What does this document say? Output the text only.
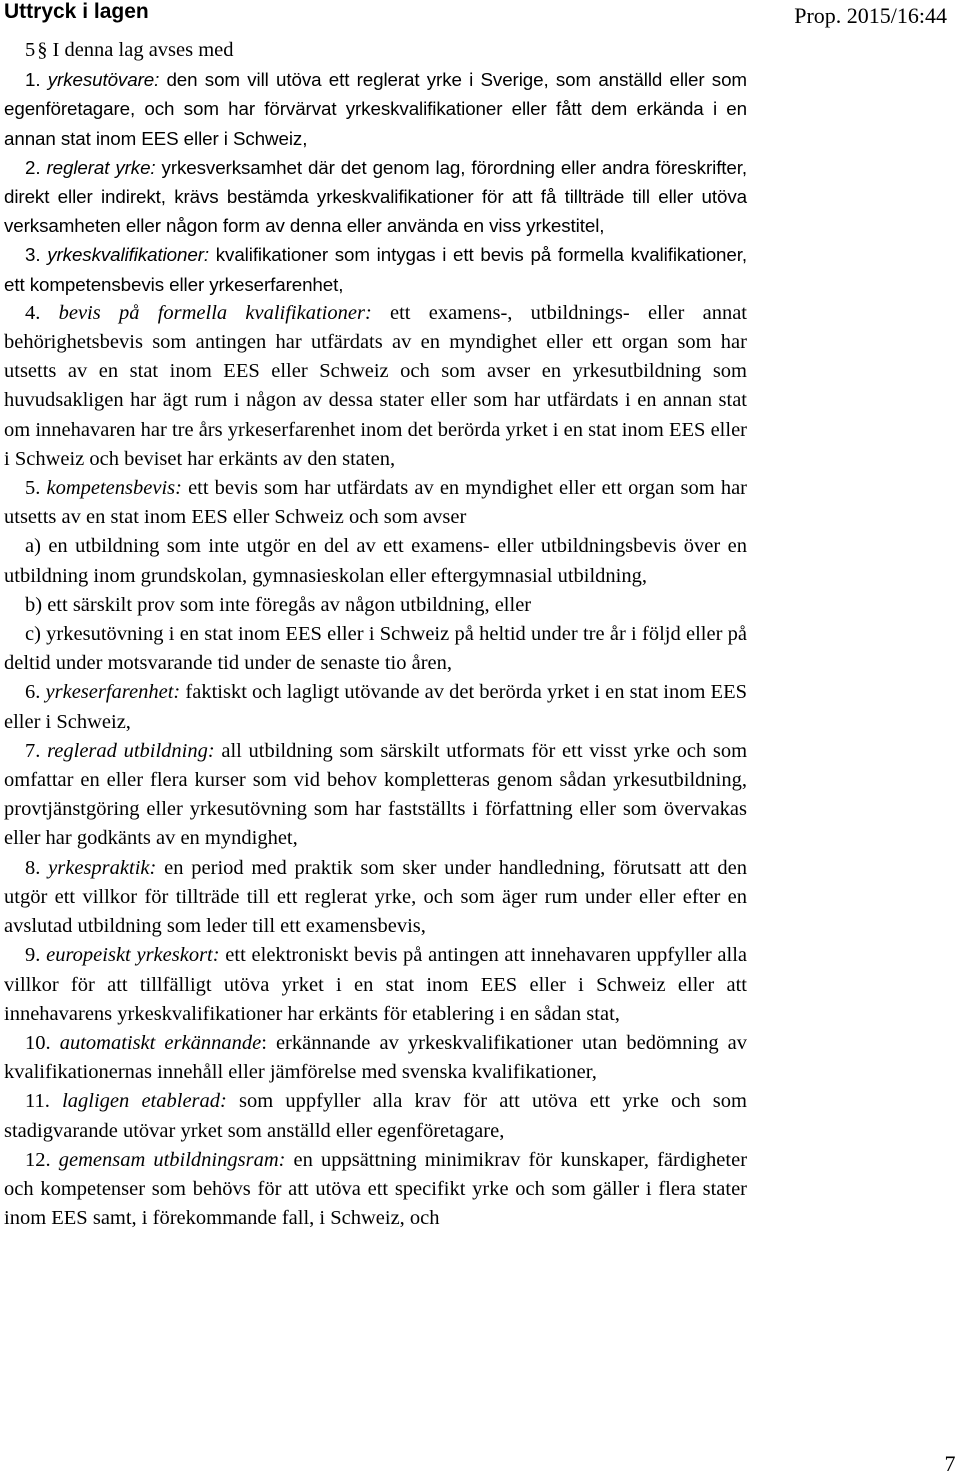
Uttryck i lagen	Prop. 2015/16:44
5§ I denna lag avses med

1. yrkesutövare: den som vill utöva ett reglerat yrke i Sverige, som anställd eller som egenföretagare, och som har förvärvat yrkeskvalifikationer eller fått dem erkända i en annan stat inom EES eller i Schweiz,

2. reglerat yrke: yrkesverksamhet där det genom lag, förordning eller andra föreskrifter, direkt eller indirekt, krävs bestämda yrkeskvalifikationer för att få tillträde till eller utöva verksamheten eller någon form av denna eller använda en viss yrkestitel,

3. yrkeskvalifikationer: kvalifikationer som intygas i ett bevis på formella kvalifikationer, ett kompetensbevis eller yrkeserfarenhet,

4. bevis på formella kvalifikationer: ett examens-, utbildnings- eller annat behörighetsbevis som antingen har utfärdats av en myndighet eller ett organ som har utsetts av en stat inom EES eller Schweiz och som avser en yrkesutbildning som huvudsakligen har ägt rum i någon av dessa stater eller som har utfärdats i en annan stat om innehavaren har tre års yrkeserfarenhet inom det berörda yrket i en stat inom EES eller i Schweiz och beviset har erkänts av den staten,

5. kompetensbevis: ett bevis som har utfärdats av en myndighet eller ett organ som har utsetts av en stat inom EES eller Schweiz och som avser

a) en utbildning som inte utgör en del av ett examens- eller utbildningsbevis över en utbildning inom grundskolan, gymnasieskolan eller eftergymnasial utbildning,

b) ett särskilt prov som inte föregås av någon utbildning, eller

c) yrkesutövning i en stat inom EES eller i Schweiz på heltid under tre år i följd eller på deltid under motsvarande tid under de senaste tio åren,

6. yrkeserfarenhet: faktiskt och lagligt utövande av det berörda yrket i en stat inom EES eller i Schweiz,

7. reglerad utbildning: all utbildning som särskilt utformats för ett visst yrke och som omfattar en eller flera kurser som vid behov kompletteras genom sådan yrkesutbildning, provtjänstgöring eller yrkesutövning som har fastställts i författning eller som övervakas eller har godkänts av en myndighet,

8. yrkespraktik: en period med praktik som sker under handledning, förutsatt att den utgör ett villkor för tillträde till ett reglerat yrke, och som äger rum under eller efter en avslutad utbildning som leder till ett examensbevis,

9. europeiskt yrkeskort: ett elektroniskt bevis på antingen att innehavaren uppfyller alla villkor för att tillfälligt utöva yrket i en stat inom EES eller i Schweiz eller att innehavarens yrkeskvalifikationer har erkänts för etablering i en sådan stat,

10. automatiskt erkännande: erkännande av yrkeskvalifikationer utan bedömning av kvalifikationernas innehåll eller jämförelse med svenska kvalifikationer,

11. lagligen etablerad: som uppfyller alla krav för att utöva ett yrke och som stadigvarande utövar yrket som anställd eller egenföretagare,

12. gemensam utbildningsram: en uppsättning minimikrav för kunskaper, färdigheter och kompetenser som behövs för att utöva ett specifikt yrke och som gäller i flera stater inom EES samt, i förekommande fall, i Schweiz, och

7
